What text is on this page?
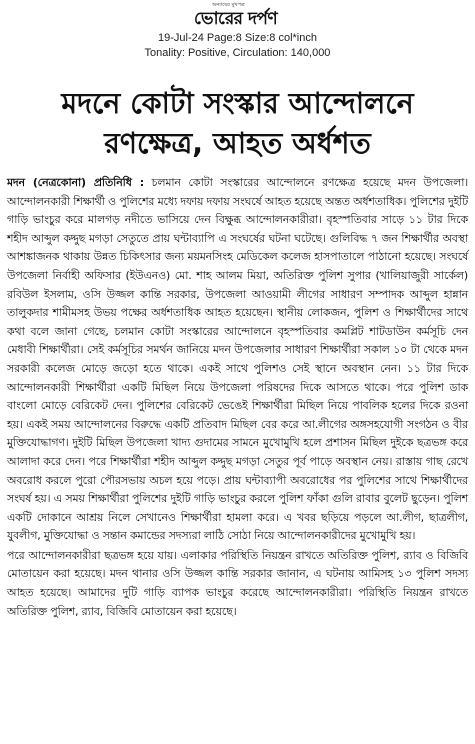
অন্যায়ের মুখপত্র
ভোরের দর্পণ
19-Jul-24 Page:8 Size:8 col*inch
Tonality: Positive, Circulation: 140,000
মদনে কোটা সংস্কার আন্দোলনে
রণক্ষেত্র, আহত অর্ধশত

মদন (নেত্রকোনা) প্রতিনিধি : চলমান কোটা সংস্কারের আন্দোলনে রণক্ষেত্র হয়েছে মদন উপজেলা। আন্দোলনকারী শিক্ষার্থী ও পুলিশের মধ্যে দফায় দফায় সংঘর্ষে আহত হয়েছে অন্তত অর্ধশতাধিক। পুলিশের দুইটি গাড়ি ভাংচুর করে মালগড় নদীতে ভাসিয়ে দেন বিক্ষুব্ধ আন্দোলনকারীরা। বৃহস্পতিবার সাড়ে ১১ টার দিকে শহীদ আব্দুল কদ্দুছ মগড়া সেতুতে প্রায় ঘন্টাব্যাপি এ সংঘর্ষের ঘটনা ঘটেছে। গুলিবিদ্ধ ৭ জন শিক্ষার্থীর অবস্থা আশঙ্কাজনক থাকায় উন্নত চিকিৎসার জন্য ময়মনসিংহ মেডিকেল কলেজ হাসপাতালে পাঠানো হয়েছে। সংঘর্ষে উপজেলা নির্বাহী অফিসার (ইউএনও) মো. শাহ আলম মিয়া, অতিরিক্ত পুলিশ সুপার (খালিয়াজুরী সার্কেল) রবিউল ইসলাম, ওসি উজ্জল কান্তি সরকার, উপজেলা আওয়ামী লীগের সাধারণ সম্পাদক আব্দুল হান্নান তালুকদার শামীমসহ উভয় পক্ষের অর্ধশতাধিক আহত হয়েছেন। স্থানীয় লোকজন, পুলিশ ও শিক্ষার্থীদের সাথে কথা বলে জানা গেছে, চলমান কোটা সংস্কারের আন্দোলনে বৃহস্পতিবার কমপ্লিট শাটডাউন কর্মসূচি দেন মেধাবী শিক্ষার্থীরা। সেই কর্মসূচির সমর্থন জানিয়ে মদন উপজেলার সাধারণ শিক্ষার্থীরা সকাল ১০ টা থেকে মদন সরকারী কলেজ মোড়ে জড়ো হতে থাকে। একই সাথে পুলিশও সেই স্থানে অবস্থান নেন। ১১ টার দিকে আন্দোলনকারী শিক্ষার্থীরা একটি মিছিল নিয়ে উপজেলা পরিষদের দিকে আসতে থাকে। পরে পুলিশ ডাক বাংলো মোড়ে বেরিকেট দেন। পুলিশের বেরিকেট ভেঙেই শিক্ষার্থীরা মিছিল নিয়ে পাবলিক হলের দিকে রওনা হয়। একই সময় আন্দোলনের বিরুদ্ধে একটি প্রতিবাদ মিছিল বের করে আ.লীগের অঙ্গসহযোগী সংগঠন ও বীর মুক্তিযোদ্ধাগণ। দুইটি মিছিল উপজেলা খাদ্য গুদামের সামনে মুখোমুখি হলে প্রশাসন মিছিল দুইকে ছত্রভঙ্গ করে আলাদা করে দেন। পরে শিক্ষার্থীরা শহীদ আব্দুল কদ্দুছ মগড়া সেতুর পূর্ব পাড়ে অবস্থান নেয়। রাস্তায় গাছ রেখে অবরোধ করলে পুরো পৌরসভায় অচল হয়ে পড়ে। প্রায় ঘন্টাব্যাপী অবরোধের পর পুলিশের সাথে শিক্ষার্থীদের সংঘর্ষ হয়। এ সময় শিক্ষার্থীরা পুলিশের দুইটি গাড়ি ভাংচুর করলে পুলিশ ফাঁকা গুলি রাবার বুলেট ছুড়েন। পুলিশ একটি দোকানে আশ্রয় নিলে সেখানেও শিক্ষার্থীরা হামলা করে। এ খবর ছড়িয়ে পড়লে আ.লীগ, ছাত্রলীগ, যুবলীগ, মুক্তিযোদ্ধা ও সন্তান কমান্ডের সদস্যরা লাঠি সোঠা নিয়ে আন্দোলনকারীদের মুখোমুখি হয়।

পরে আন্দোলনকারীরা ছত্রভঙ্গ হয়ে যায়। এলাকার পরিস্থিতি নিয়ন্ত্রন রাখতে অতিরিক্ত পুলিশ, র‌্যাব ও বিজিবি মোতায়েন করা হয়েছে। মদন থানার ওসি উজ্জল কান্তি সরকার জানান, এ ঘটনায় আমিসহ ১৩ পুলিশ সদস্য আহত হয়েছে। আমাদের দুটি গাড়ি ব্যাপক ভাংচুর করেছে আন্দোলনকারীরা। পরিস্থিতি নিয়ন্ত্রন রাখতে অতিরিক্ত পুলিশ, র‌্যাব, বিজিবি মোতায়েন করা হয়েছে।
